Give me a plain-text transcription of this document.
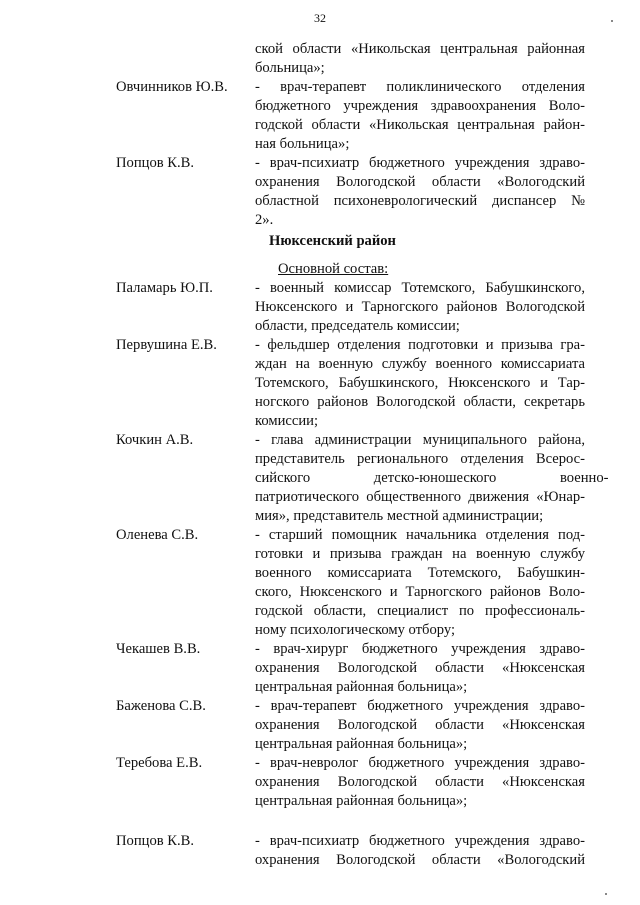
32
ской области «Никольская центральная районная
больница»;
Овчинников Ю.В. - врач-терапевт поликлинического отделения
бюджетного учреждения здравоохранения Воло-
годской области «Никольская центральная район-
ная больница»;
Попцов К.В.	- врач-психиатр бюджетного учреждения здраво-
охранения Вологодской области «Вологодский
областной психоневрологический диспансер №
2».
Нюксенский район
Основной состав:
Паламарь Ю.П.	- военный комиссар Тотемского, Бабушкинского,
Нюксенского и Тарногского районов Вологодской
области, председатель комиссии;
Первушина Е.В.	- фельдшер отделения подготовки и призыва гра-
ждан на военную службу военного комиссариата
Тотемского, Бабушкинского, Нюксенского и Тар-
ногского районов Вологодской области, секретарь
комиссии;
Кочкин А.В.	- глава администрации муниципального района,
представитель регионального отделения Всерос-
сийского детско-юношеского военно-
патриотического общественного движения «Юнар-
мия», представитель местной администрации;
Оленева С.В.	- старший помощник начальника отделения под-
готовки и призыва граждан на военную службу
военного комиссариата Тотемского, Бабушкин-
ского, Нюксенского и Тарногского районов Воло-
годской области, специалист по профессиональ-
ному психологическому отбору;
Чекашев В.В.	- врач-хирург бюджетного учреждения здраво-
охранения Вологодской области «Нюксенская
центральная районная больница»;
Баженова С.В.	- врач-терапевт бюджетного учреждения здраво-
охранения Вологодской области «Нюксенская
центральная районная больница»;
Теребова Е.В.	- врач-невролог бюджетного учреждения здраво-
охранения Вологодской области «Нюксенская
центральная районная больница»;
Попцов К.В.	- врач-психиатр бюджетного учреждения здраво-
охранения Вологодской области «Вологодский
